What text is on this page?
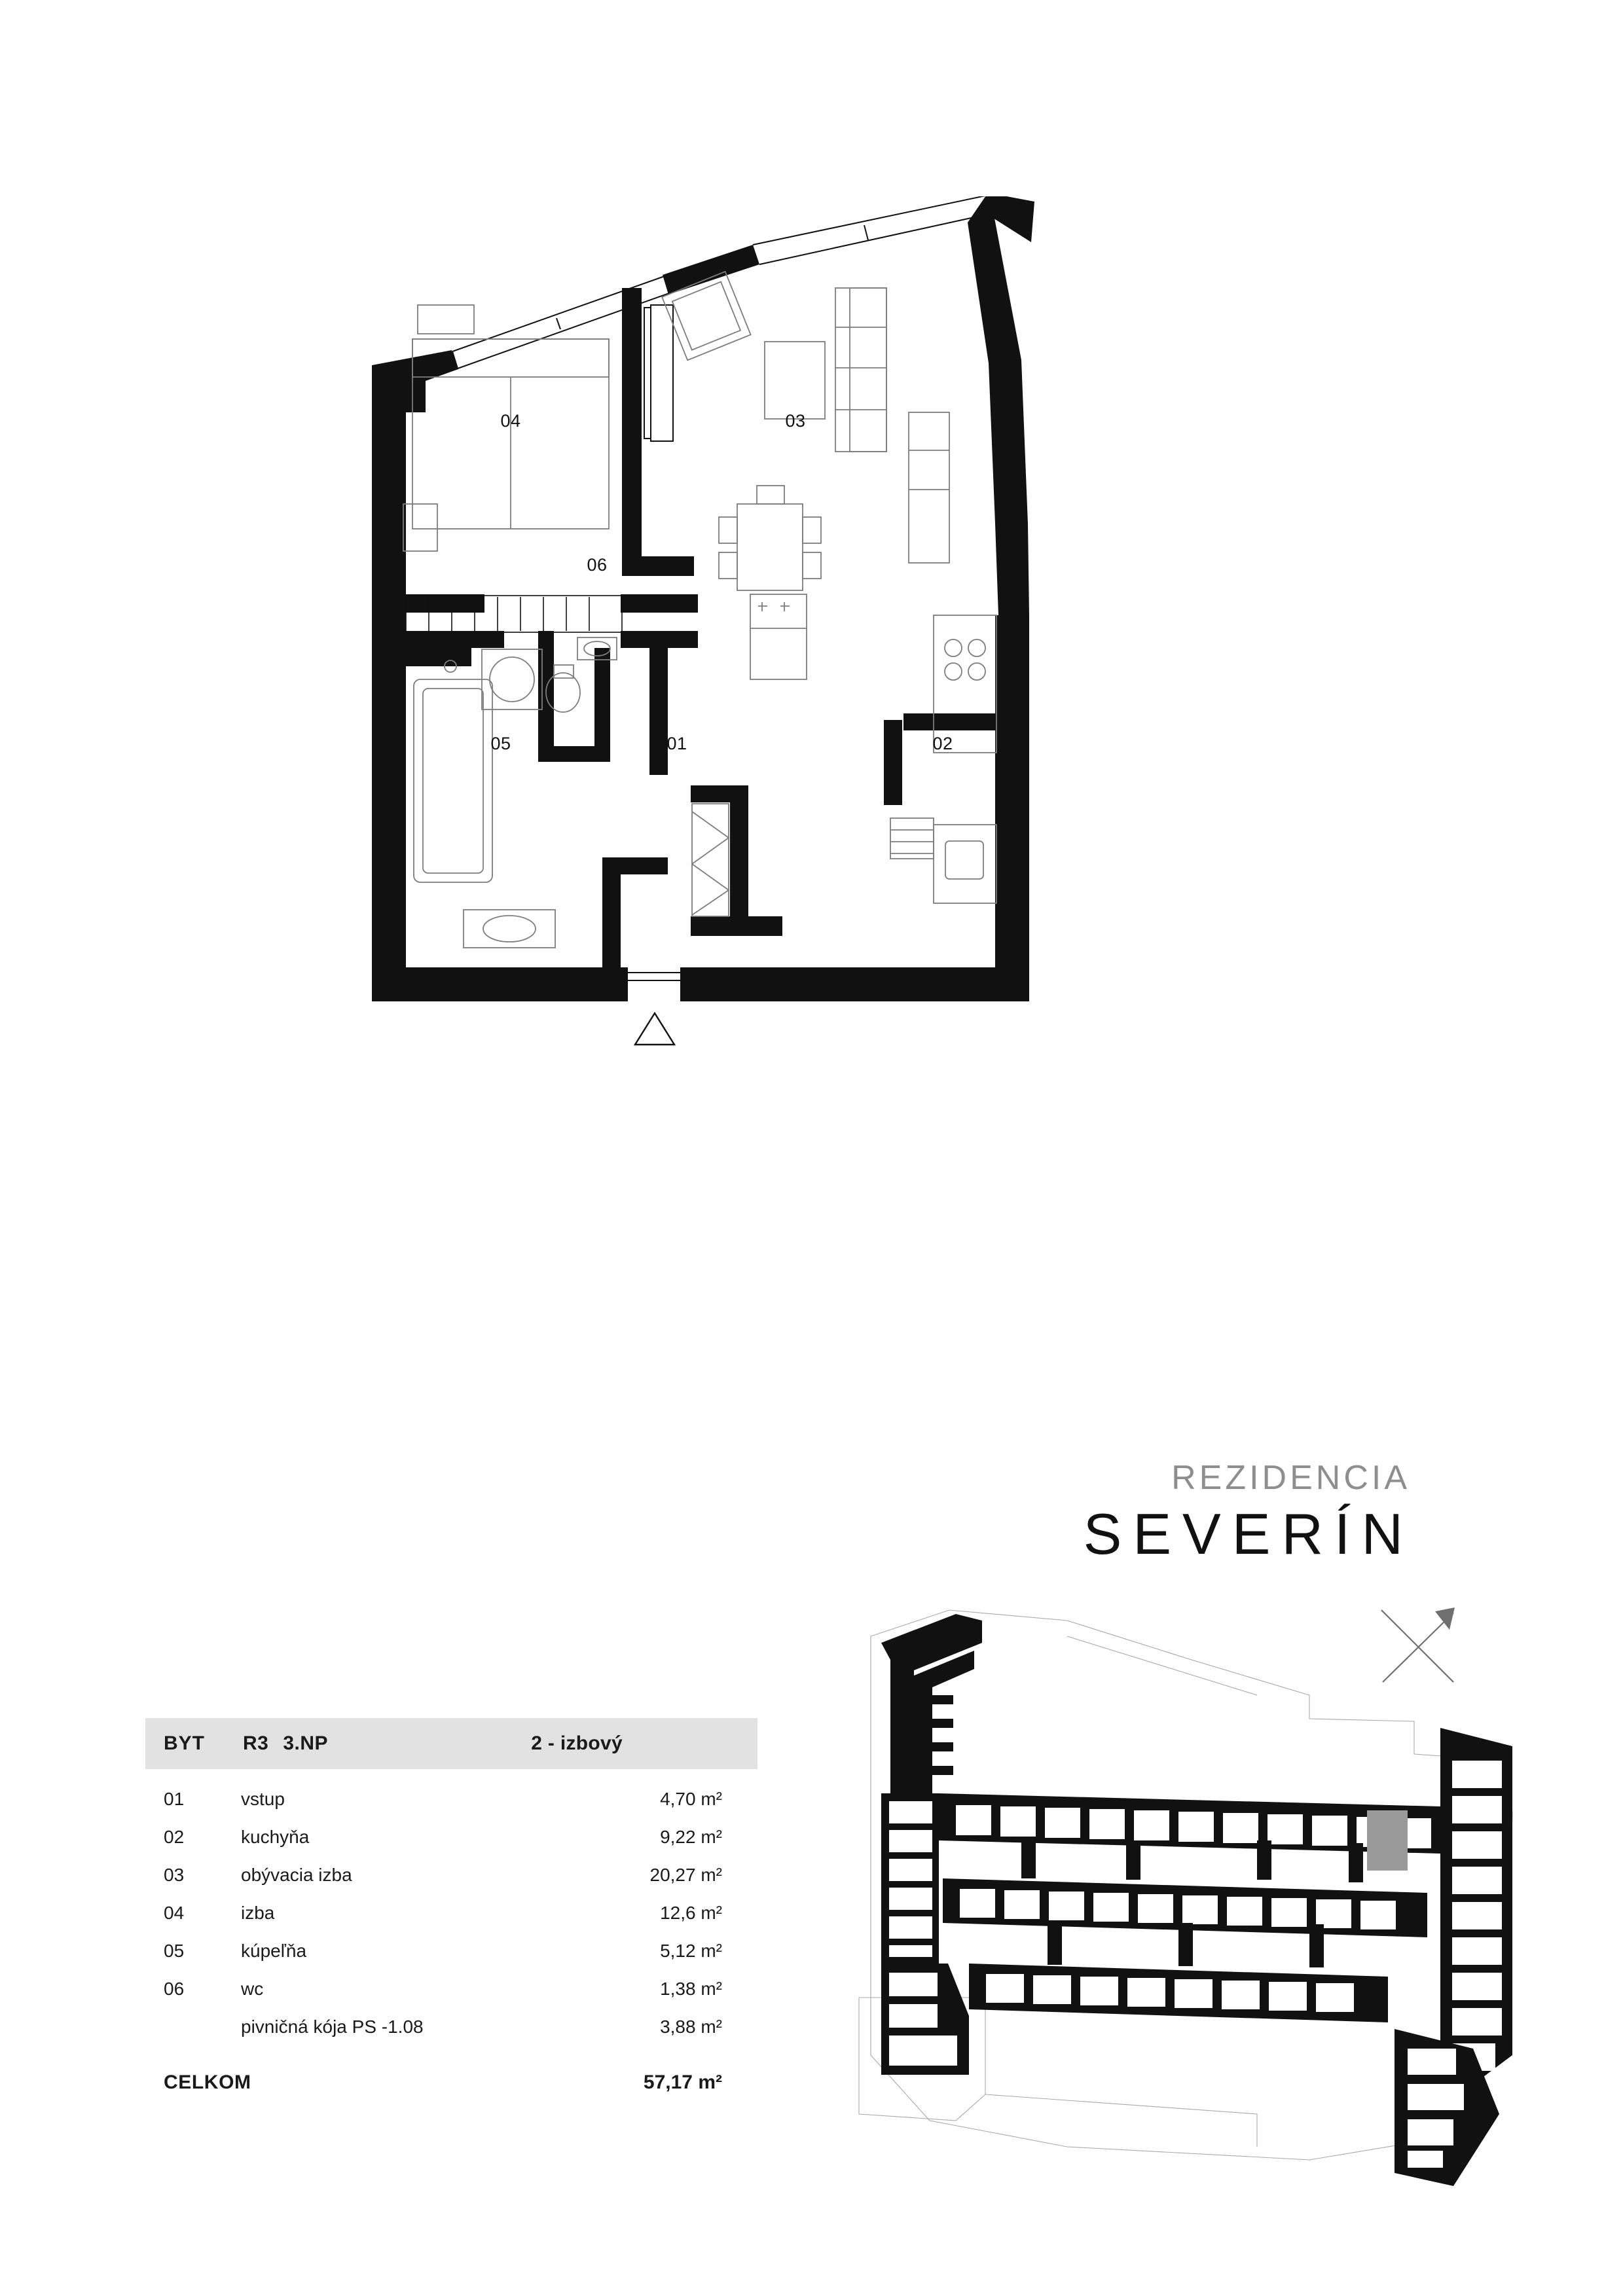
04	03
06
05	01	02
REZIDENCIA
SEVERÍN
BYT R3 3.NP	2 - izbový
01	vstup	4,70 m²
02	kuchyňa	9,22 m²
03	obývacia izba	20,27 m²
04	izba	12,6 m²
05	kúpeľňa	5,12 m²
06	wc	1,38 m²
pivničná kója PS -1.08	3,88 m²
CELKOM	57,17 m²
